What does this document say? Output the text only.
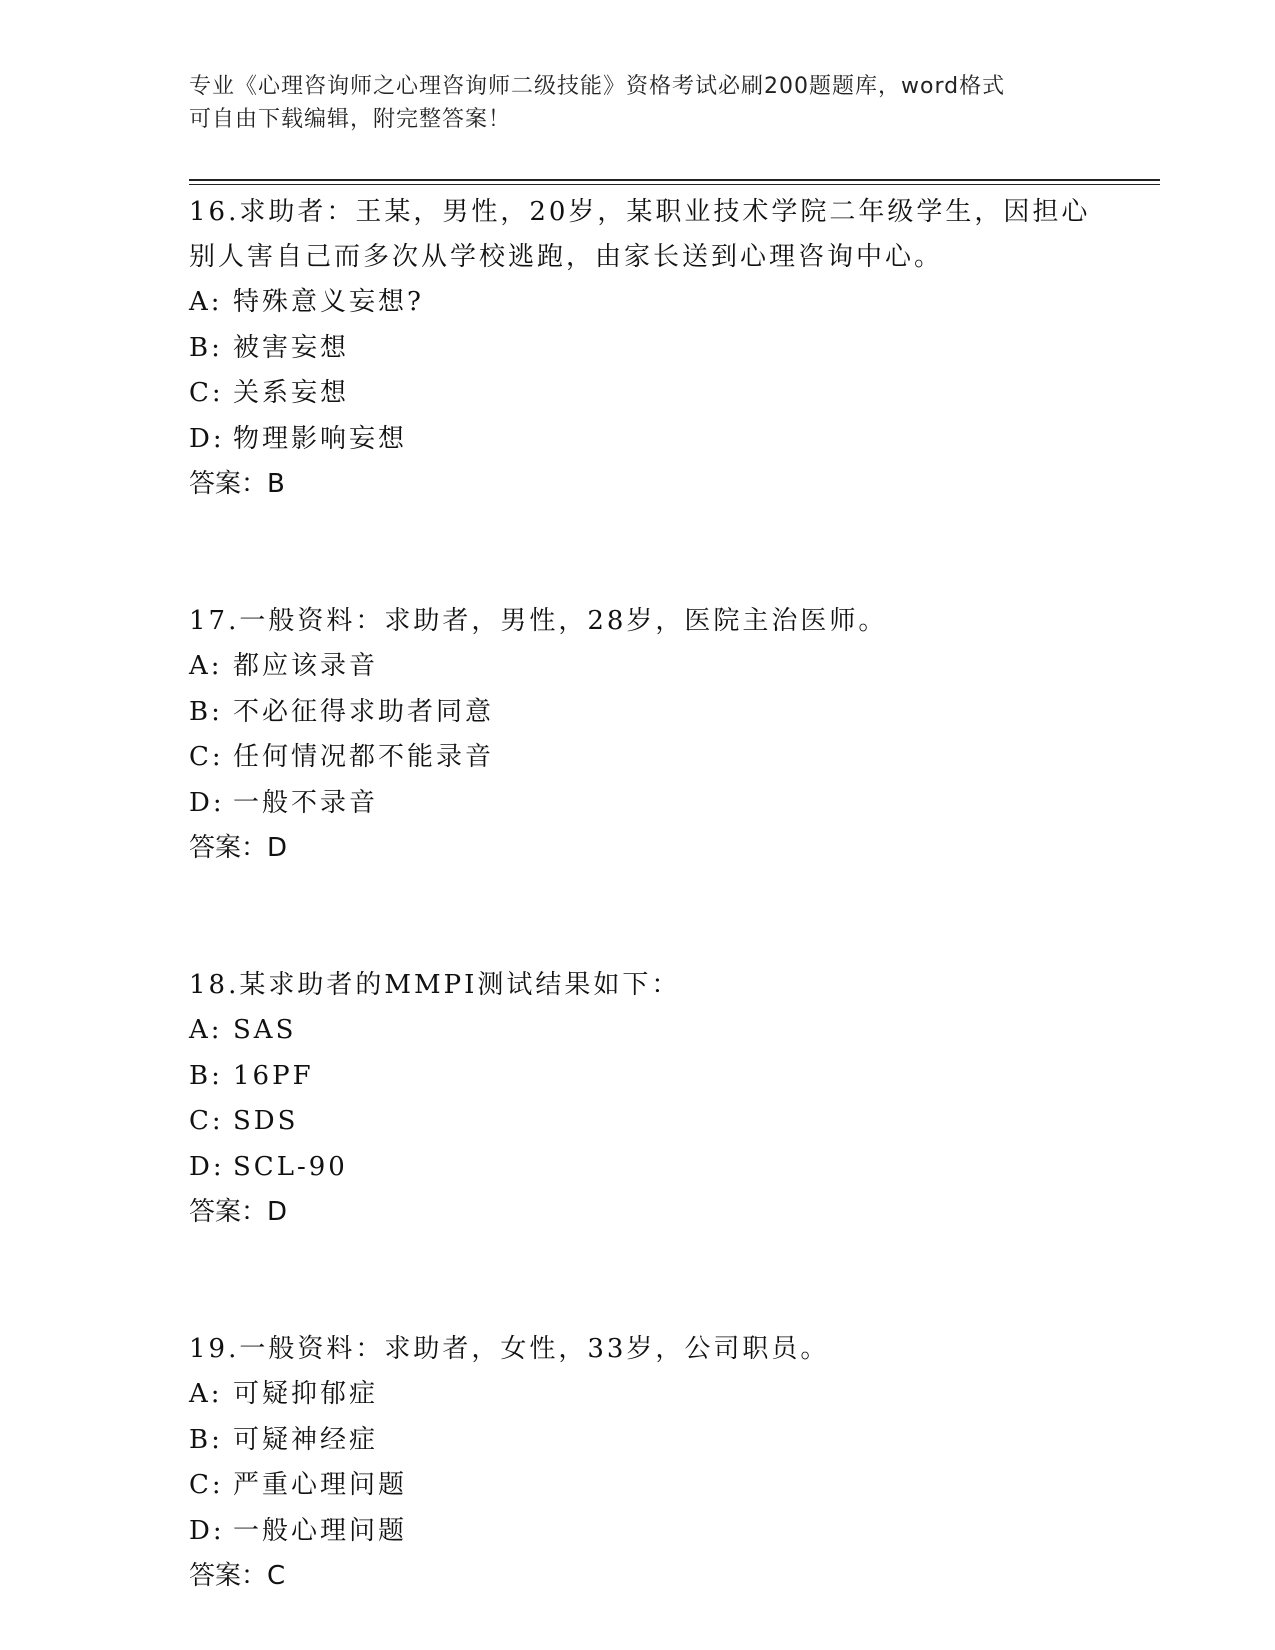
专业《心理咨询师之心理咨询师二级技能》资格考试必刷200题题库，word格式
可自由下载编辑，附完整答案！
16.求助者：王某，男性，20岁，某职业技术学院二年级学生，因担心
别人害自己而多次从学校逃跑，由家长送到心理咨询中心。
A: 特殊意义妄想?
B: 被害妄想
C: 关系妄想
D: 物理影响妄想
答案：B
17.一般资料：求助者，男性，28岁，医院主治医师。
A: 都应该录音
B: 不必征得求助者同意
C: 任何情况都不能录音
D: 一般不录音
答案：D
18.某求助者的MMPI测试结果如下：
A: SAS
B: 16PF
C: SDS
D: SCL-90
答案：D
19.一般资料：求助者，女性，33岁，公司职员。
A: 可疑抑郁症
B: 可疑神经症
C: 严重心理问题
D: 一般心理问题
答案：C
